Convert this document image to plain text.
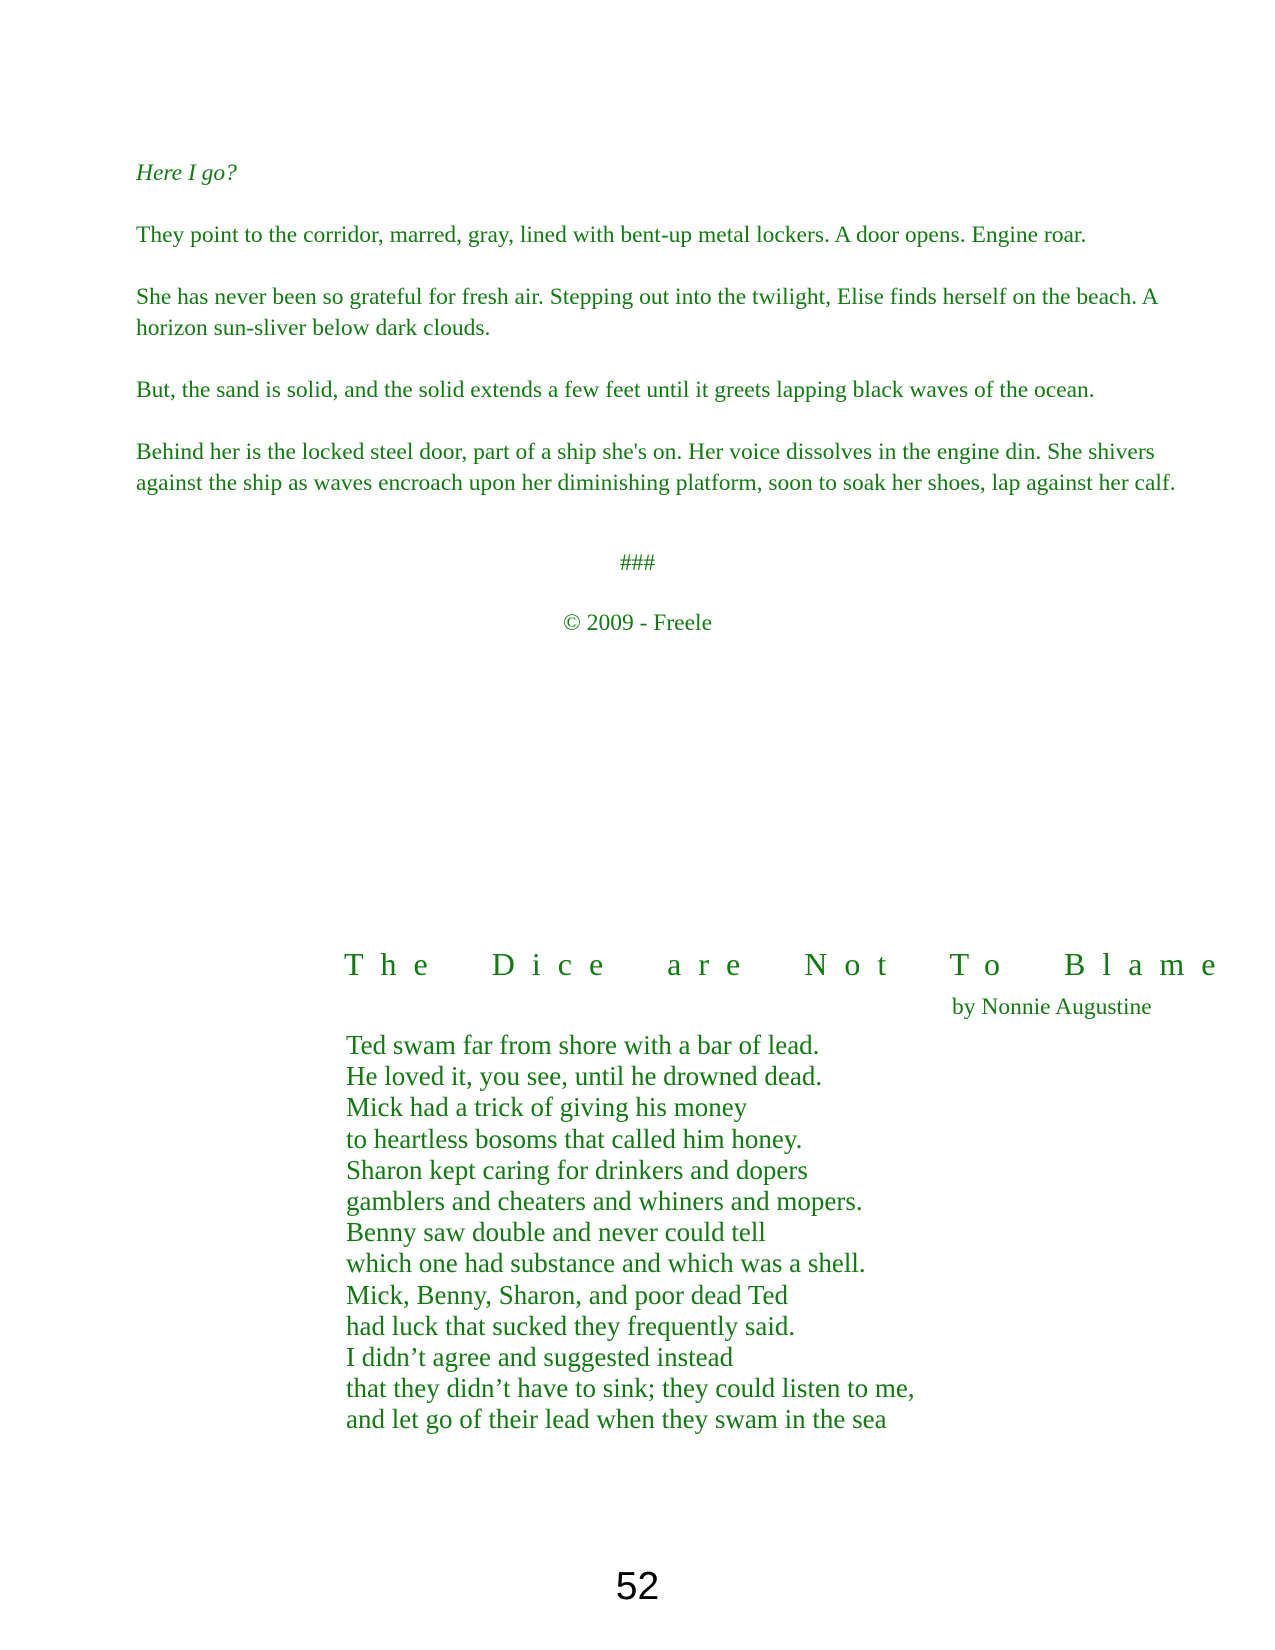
Here I go?

They point to the corridor, marred, gray, lined with bent-up metal lockers. A door opens. Engine roar.

She has never been so grateful for fresh air. Stepping out into the twilight, Elise finds herself on the beach. A horizon sun-sliver below dark clouds.

But, the sand is solid, and the solid extends a few feet until it greets lapping black waves of the ocean.

Behind her is the locked steel door, part of a ship she's on. Her voice dissolves in the engine din. She shivers against the ship as waves encroach upon her diminishing platform, soon to soak her shoes, lap against her calf.

###
© 2009 - Freele
The Dice are Not To Blame
by Nonnie Augustine
Ted swam far from shore with a bar of lead.
He loved it, you see, until he drowned dead.
Mick had a trick of giving his money
to heartless bosoms that called him honey.
Sharon kept caring for drinkers and dopers
gamblers and cheaters and whiners and mopers.
Benny saw double and never could tell
which one had substance and which was a shell.
Mick, Benny, Sharon, and poor dead Ted
had luck that sucked they frequently said.
I didn’t agree and suggested instead
that they didn’t have to sink; they could listen to me,
and let go of their lead when they swam in the sea
52
